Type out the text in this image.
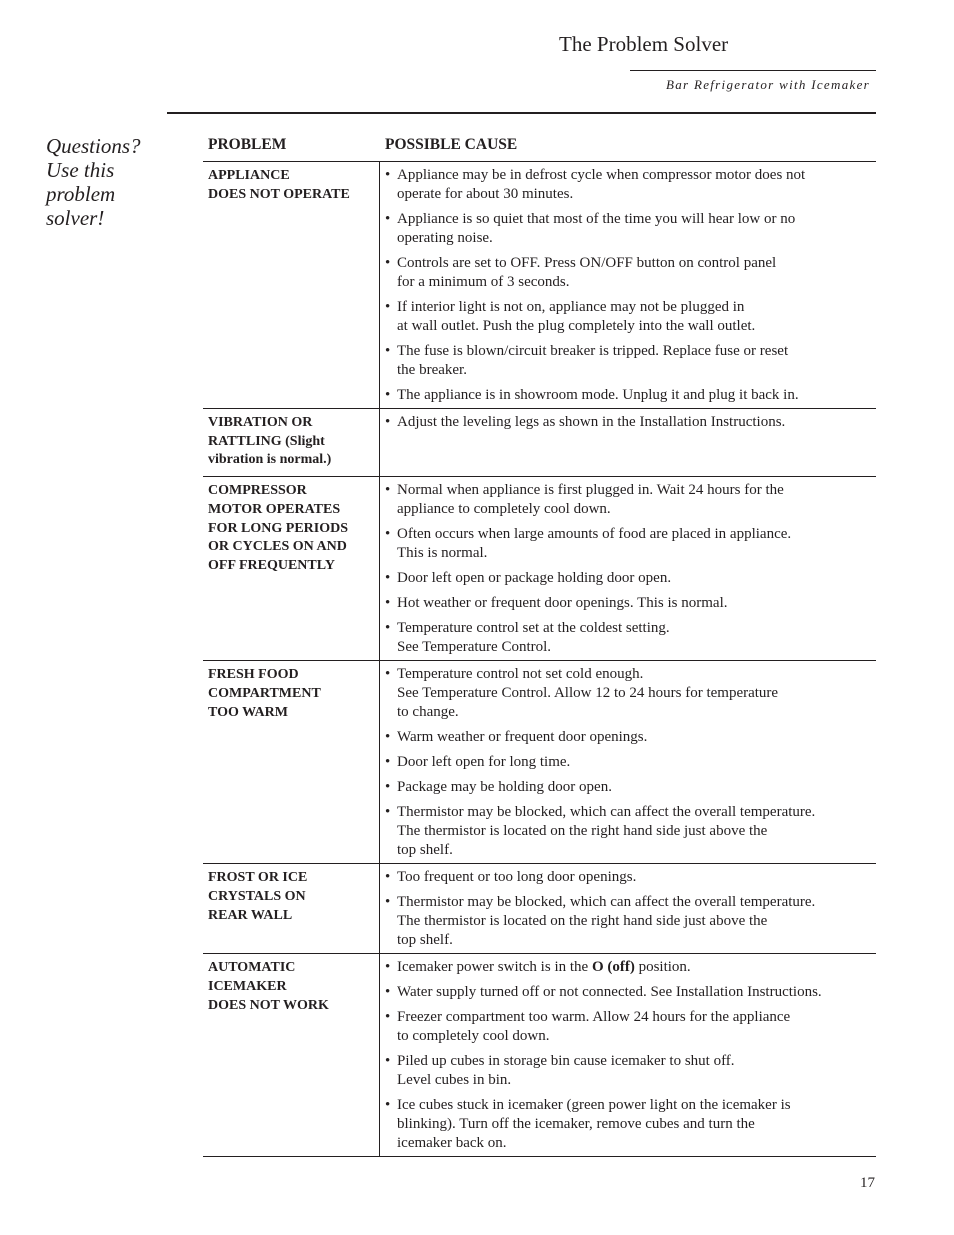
The Problem Solver
Bar Refrigerator with Icemaker
Questions?
Use this
problem
solver!
PROBLEM	POSSIBLE CAUSE
APPLIANCE
DOES NOT OPERATE
• Appliance may be in defrost cycle when compressor motor does not
operate for about 30 minutes.
• Appliance is so quiet that most of the time you will hear low or no
operating noise.
• Controls are set to OFF. Press ON/OFF button on control panel
for a minimum of 3 seconds.
• If interior light is not on, appliance may not be plugged in
at wall outlet. Push the plug completely into the wall outlet.
• The fuse is blown/circuit breaker is tripped. Replace fuse or reset
the breaker.
• The appliance is in showroom mode. Unplug it and plug it back in.
VIBRATION OR
RATTLING (Slight
vibration is normal.)
• Adjust the leveling legs as shown in the Installation Instructions.
COMPRESSOR
MOTOR OPERATES
FOR LONG PERIODS
OR CYCLES ON AND
OFF FREQUENTLY
• Normal when appliance is first plugged in. Wait 24 hours for the
appliance to completely cool down.
• Often occurs when large amounts of food are placed in appliance.
This is normal.
• Door left open or package holding door open.
• Hot weather or frequent door openings. This is normal.
• Temperature control set at the coldest setting.
See Temperature Control.
FRESH FOOD
COMPARTMENT
TOO WARM
• Temperature control not set cold enough.
See Temperature Control. Allow 12 to 24 hours for temperature
to change.
• Warm weather or frequent door openings.
• Door left open for long time.
• Package may be holding door open.
• Thermistor may be blocked, which can affect the overall temperature.
The thermistor is located on the right hand side just above the
top shelf.
FROST OR ICE
CRYSTALS ON
REAR WALL
• Too frequent or too long door openings.
• Thermistor may be blocked, which can affect the overall temperature.
The thermistor is located on the right hand side just above the
top shelf.
AUTOMATIC
ICEMAKER
DOES NOT WORK
• Icemaker power switch is in the O (off) position.
• Water supply turned off or not connected. See Installation Instructions.
• Freezer compartment too warm. Allow 24 hours for the appliance
to completely cool down.
• Piled up cubes in storage bin cause icemaker to shut off.
Level cubes in bin.
• Ice cubes stuck in icemaker (green power light on the icemaker is
blinking). Turn off the icemaker, remove cubes and turn the
icemaker back on.
17
